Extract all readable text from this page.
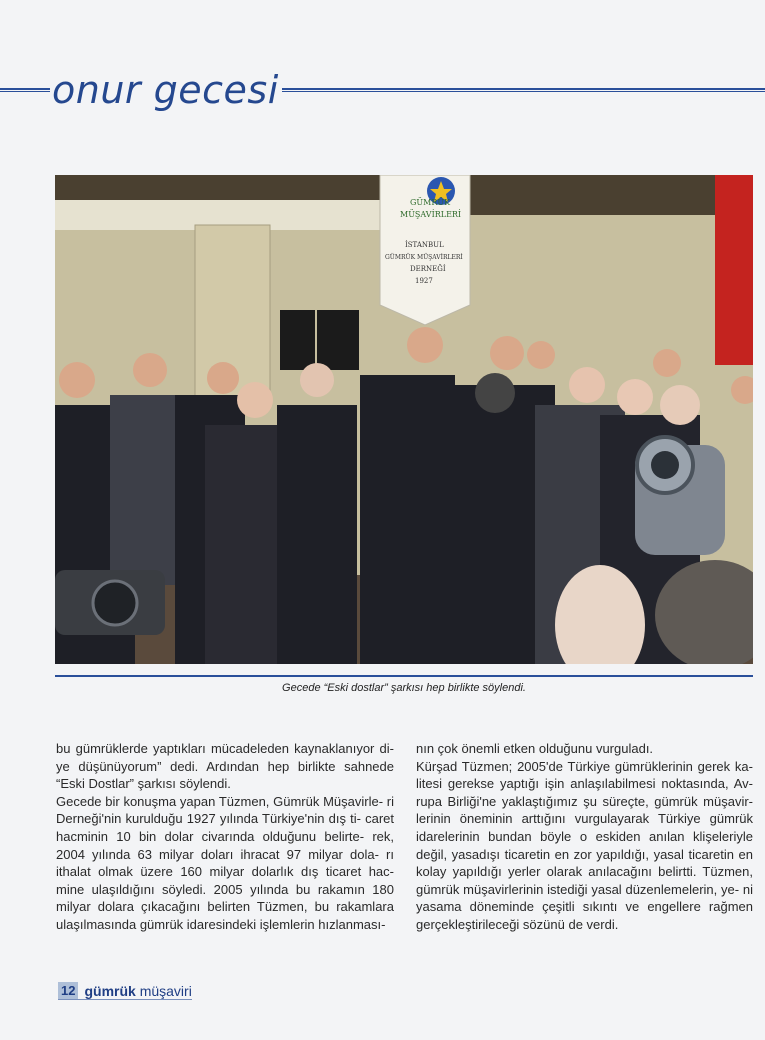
onur gecesi
GÜMRÜK
MÜŞAVİRLERİ
İSTANBUL
GÜMRÜK MÜŞAVİRLERİ
DERNEĞİ
1927
Gecede “Eski dostlar” şarkısı hep birlikte söylendi.

bu gümrüklerde yaptıkları mücadeleden kaynaklanıyor di- ye düşünüyorum” dedi. Ardından hep birlikte sahnede “Eski Dostlar” şarkısı söylendi.

Gecede bir konuşma yapan Tüzmen, Gümrük Müşavirle- ri Derneği'nin kurulduğu 1927 yılında Türkiye'nin dış ti- caret hacminin 10 bin dolar civarında olduğunu belirte- rek, 2004 yılında 63 milyar doları ihracat 97 milyar dola- rı ithalat olmak üzere 160 milyar dolarlık dış ticaret hac- mine ulaşıldığını söyledi. 2005 yılında bu rakamın 180 milyar dolara çıkacağını belirten Tüzmen, bu rakamlara ulaşılmasında gümrük idaresindeki işlemlerin hızlanması-

nın çok önemli etken olduğunu vurguladı.

Kürşad Tüzmen; 2005'de Türkiye gümrüklerinin gerek ka- litesi gerekse yaptığı işin anlaşılabilmesi noktasında, Av- rupa Birliği'ne yaklaştığımız şu süreçte, gümrük müşavir- lerinin öneminin arttığını vurgulayarak Türkiye gümrük idarelerinin bundan böyle o eskiden anılan klişeleriyle değil, yasadışı ticaretin en zor yapıldığı, yasal ticaretin en kolay yapıldığı yerler olarak anılacağını belirtti. Tüzmen, gümrük müşavirlerinin istediği yasal düzenlemelerin, ye- ni yasama döneminde çeşitli sıkıntı ve engellere rağmen gerçekleştirileceği sözünü de verdi.

12 gümrük müşaviri
